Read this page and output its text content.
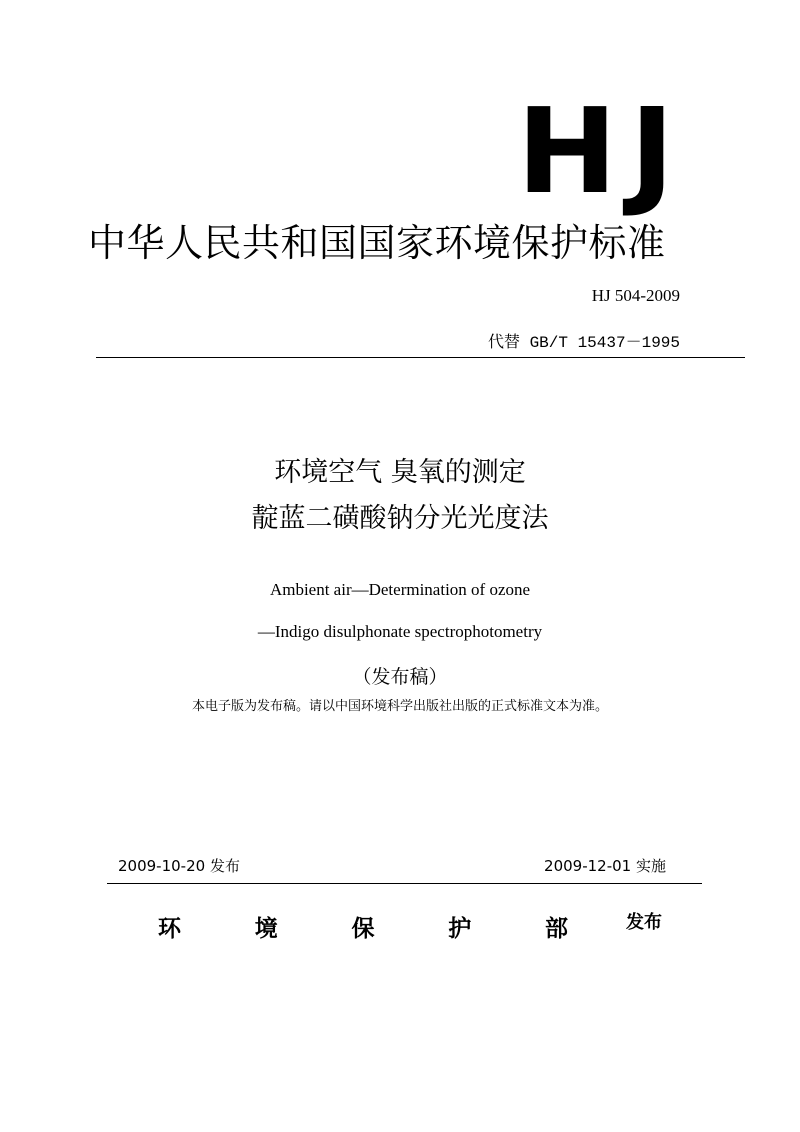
HJ
中华人民共和国国家环境保护标准
HJ 504-2009
代替 GB/T 15437－1995
环境空气 臭氧的测定
靛蓝二磺酸钠分光光度法
Ambient air—Determination of ozone
—Indigo disulphonate spectrophotometry
（发布稿）
本电子版为发布稿。请以中国环境科学出版社出版的正式标准文本为准。
2009-10-20 发布	2009-12-01 实施
环	境	保	护	部	发布
